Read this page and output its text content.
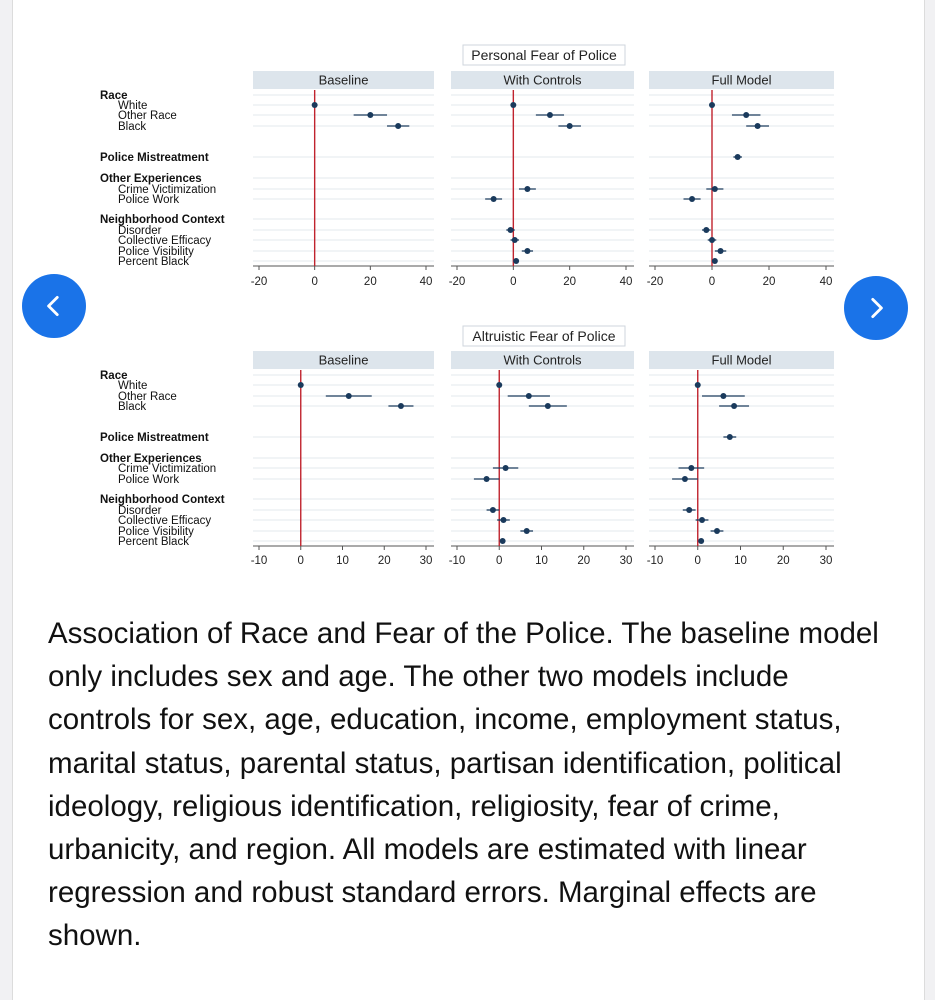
Personal Fear of Police
Baseline
-20	0	20	40
With Controls
-20	0	20	40
Full Model
-20	0	20	40
Race
White
Other Race
Black
Police Mistreatment
Other Experiences
Crime Victimization
Police Work
Neighborhood Context
Disorder
Collective Efficacy
Police Visibility
Percent Black
Altruistic Fear of Police
Baseline
-10	0	10	20	30
With Controls
-10	0	10	20	30
Full Model
-10	0	10	20	30
Race
White
Other Race
Black
Police Mistreatment
Other Experiences
Crime Victimization
Police Work
Neighborhood Context
Disorder
Collective Efficacy
Police Visibility
Percent Black

Association of Race and Fear of the Police. The baseline model only includes sex and age. The other two models include controls for sex, age, education, income, employment status, marital status, parental status, partisan identification, political ideology, religious identification, religiosity, fear of crime, urbanicity, and region. All models are estimated with linear regression and robust standard errors. Marginal effects are shown.
